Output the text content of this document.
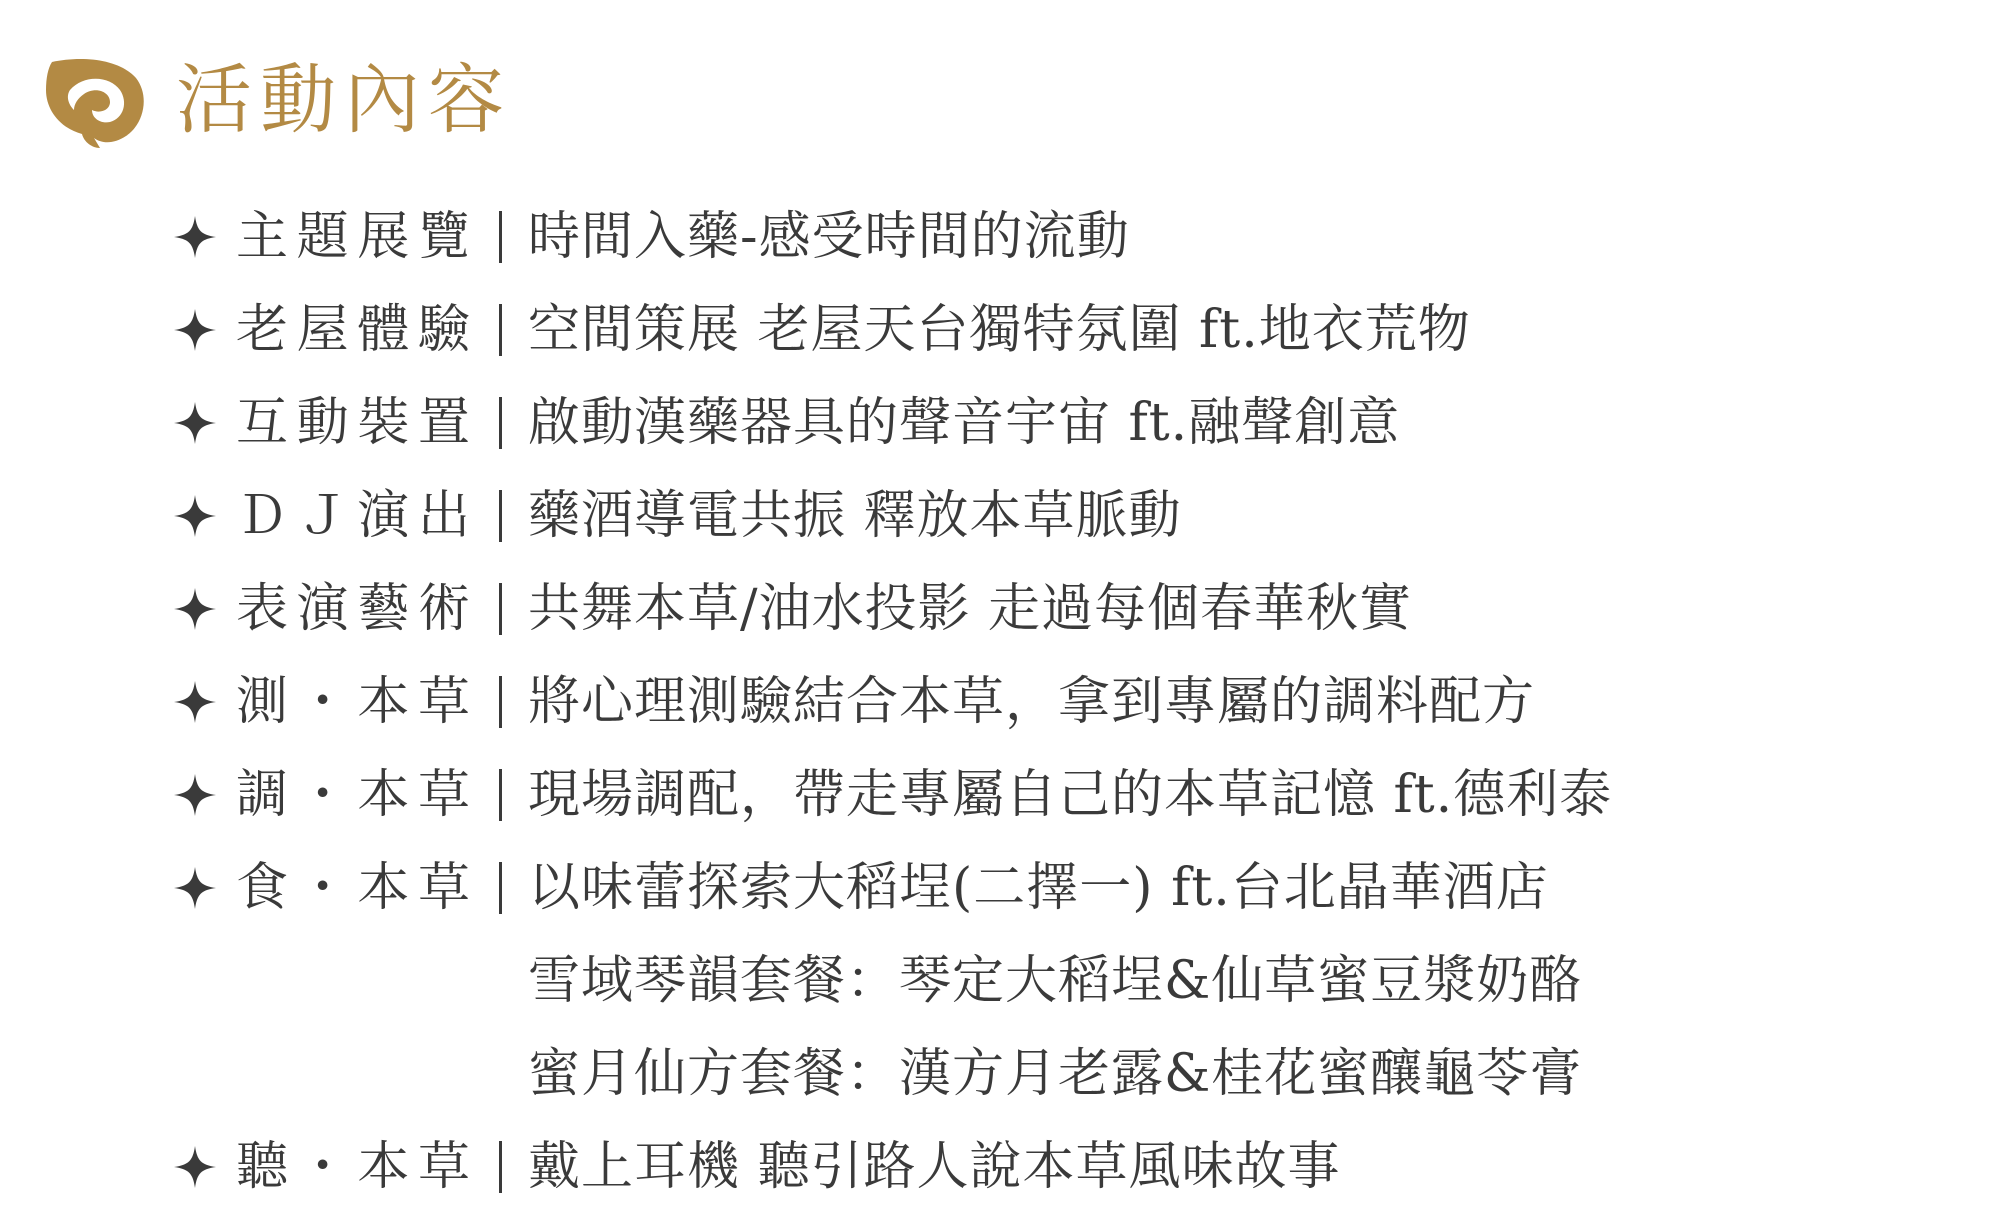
活動內容
主題展覽 時間入藥-感受時間的流動
老屋體驗 空間策展 老屋天台獨特氛圍 ft.地衣荒物
互動裝置 啟動漢藥器具的聲音宇宙 ft.融聲創意
ＤＪ演出 藥酒導電共振 釋放本草脈動
表演藝術 共舞本草/油水投影 走過每個春華秋實
測・本草 將心理測驗結合本草，拿到專屬的調料配方
調・本草 現場調配，帶走專屬自己的本草記憶 ft.德利泰
食・本草 以味蕾探索大稻埕(二擇一) ft.台北晶華酒店
雪域琴韻套餐：琴定大稻埕&仙草蜜豆漿奶酪
蜜月仙方套餐：漢方月老露&桂花蜜釀龜苓膏
聽・本草 戴上耳機 聽引路人說本草風味故事
